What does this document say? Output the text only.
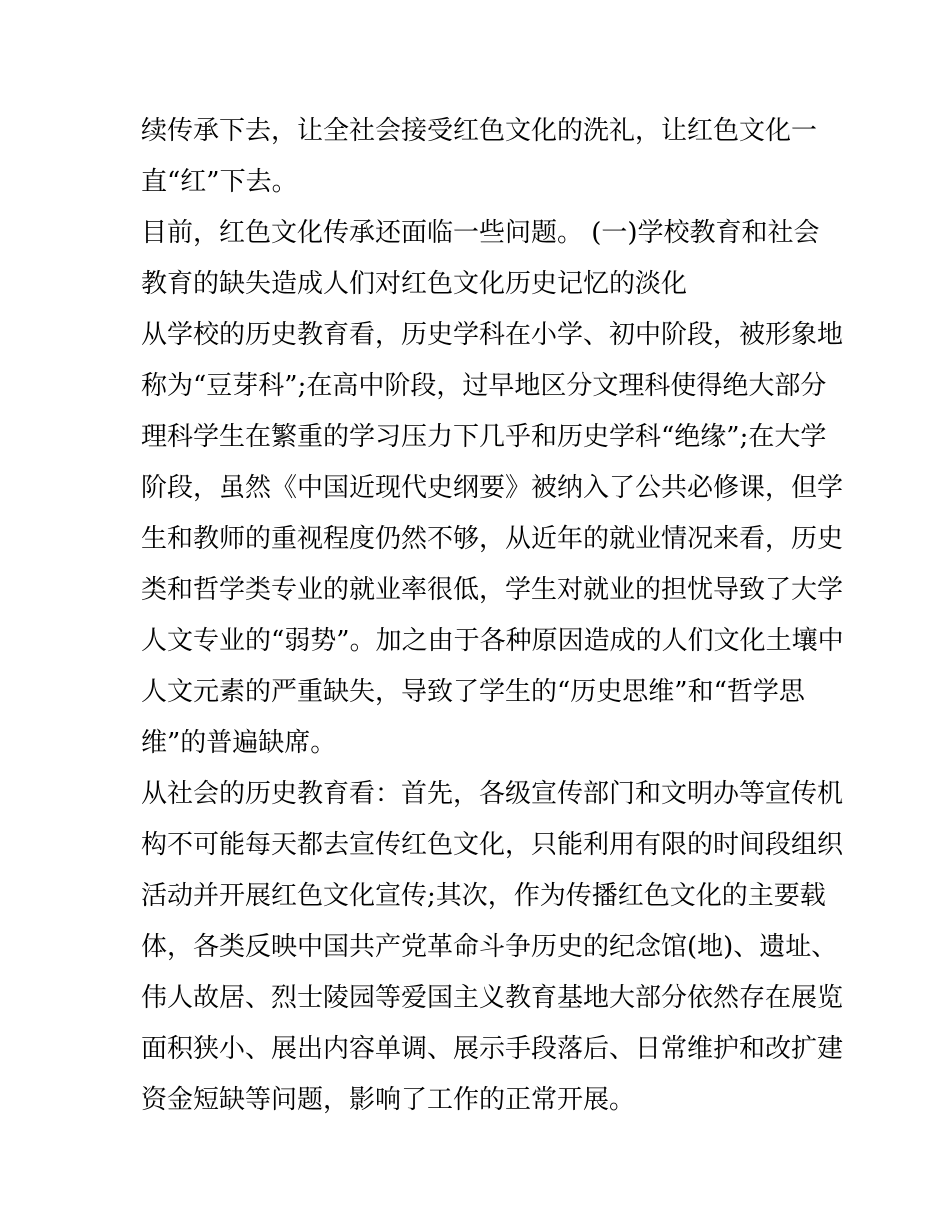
续传承下去，让全社会接受红色文化的洗礼，让红色文化一
直“红”下去。
目前，红色文化传承还面临一些问题。 (一)学校教育和社会
教育的缺失造成人们对红色文化历史记忆的淡化
从学校的历史教育看，历史学科在小学、初中阶段，被形象地
称为“豆芽科”;在高中阶段，过早地区分文理科使得绝大部分
理科学生在繁重的学习压力下几乎和历史学科“绝缘”;在大学
阶段，虽然《中国近现代史纲要》被纳入了公共必修课，但学
生和教师的重视程度仍然不够，从近年的就业情况来看，历史
类和哲学类专业的就业率很低，学生对就业的担忧导致了大学
人文专业的“弱势”。加之由于各种原因造成的人们文化土壤中
人文元素的严重缺失，导致了学生的“历史思维”和“哲学思
维”的普遍缺席。
从社会的历史教育看：首先，各级宣传部门和文明办等宣传机
构不可能每天都去宣传红色文化，只能利用有限的时间段组织
活动并开展红色文化宣传;其次，作为传播红色文化的主要载
体，各类反映中国共产党革命斗争历史的纪念馆(地)、遗址、
伟人故居、烈士陵园等爱国主义教育基地大部分依然存在展览
面积狭小、展出内容单调、展示手段落后、日常维护和改扩建
资金短缺等问题，影响了工作的正常开展。
